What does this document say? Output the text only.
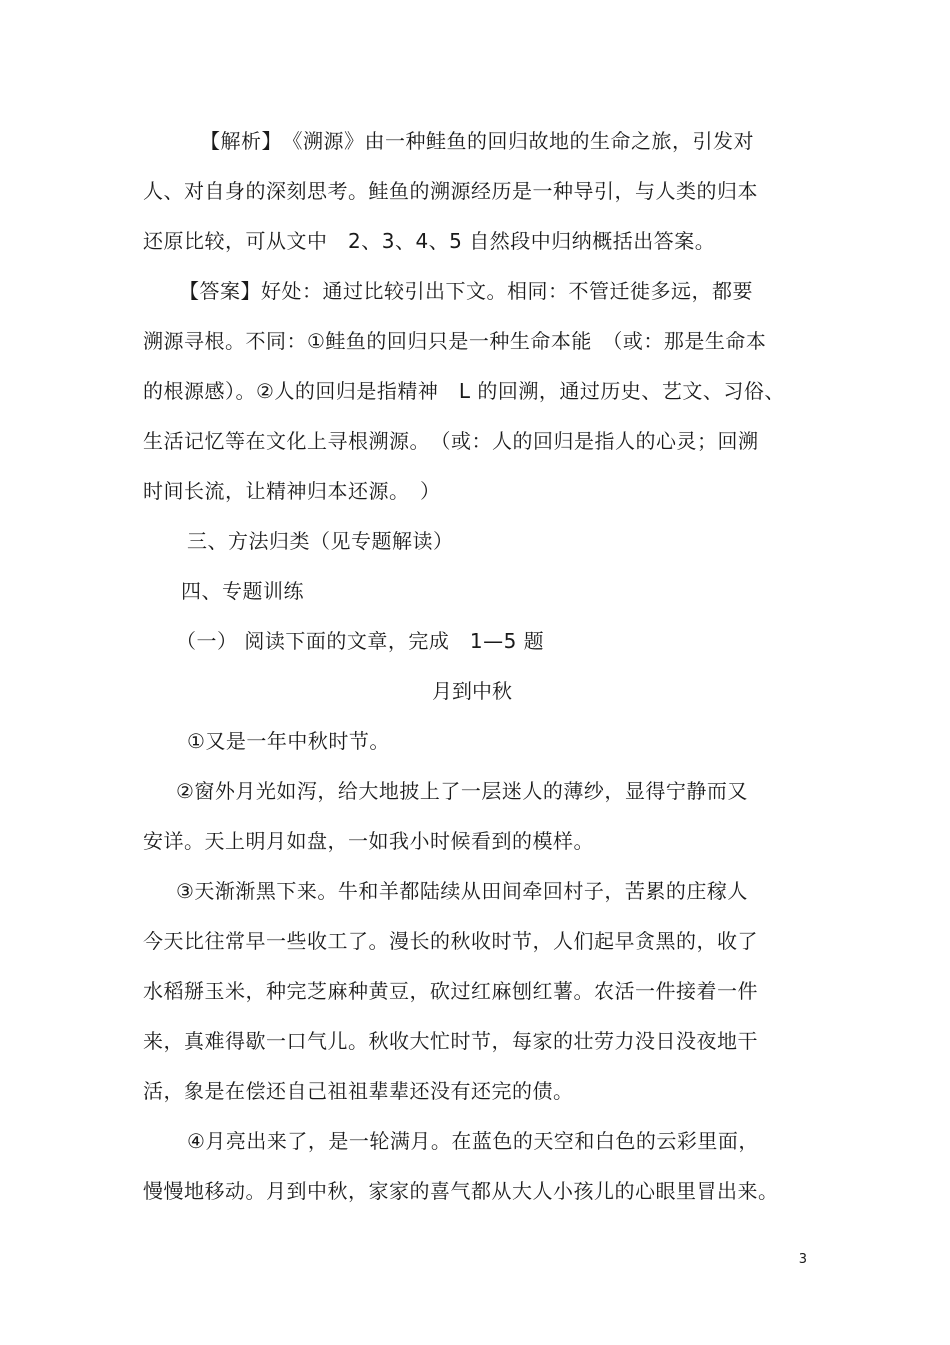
【解析】　《溯源》由一种鲑鱼的回归故地的生命之旅，引发对
人、对自身的深刻思考。鲑鱼的溯源经历是一种导引，与人类的归本
还原比较，可从文中　2、3、4、5 自然段中归纳概括出答案。
【答案】好处：通过比较引出下文。相同：不管迁徙多远，都要
溯源寻根。不同：①鲑鱼的回归只是一种生命本能　（或：那是生命本
的根源感）。②人的回归是指精神　L 的回溯，通过历史、艺文、习俗、
生活记忆等在文化上寻根溯源。　（或：人的回归是指人的心灵；回溯
时间长流，让精神归本还源。　）
三、方法归类（见专题解读）
四、专题训练
（一） 阅读下面的文章，完成　1—5 题
月到中秋
①又是一年中秋时节。
②窗外月光如泻，给大地披上了一层迷人的薄纱，显得宁静而又
安详。天上明月如盘，一如我小时候看到的模样。
③天渐渐黑下来。牛和羊都陆续从田间牵回村子，苦累的庄稼人
今天比往常早一些收工了。漫长的秋收时节，人们起早贪黑的，收了
水稻掰玉米，种完芝麻种黄豆，砍过红麻刨红薯。农活一件接着一件
来，真难得歇一口气儿。秋收大忙时节，每家的壮劳力没日没夜地干
活，象是在偿还自己祖祖辈辈还没有还完的债。
④月亮出来了，是一轮满月。在蓝色的天空和白色的云彩里面，
慢慢地移动。月到中秋，家家的喜气都从大人小孩儿的心眼里冒出来。
3
